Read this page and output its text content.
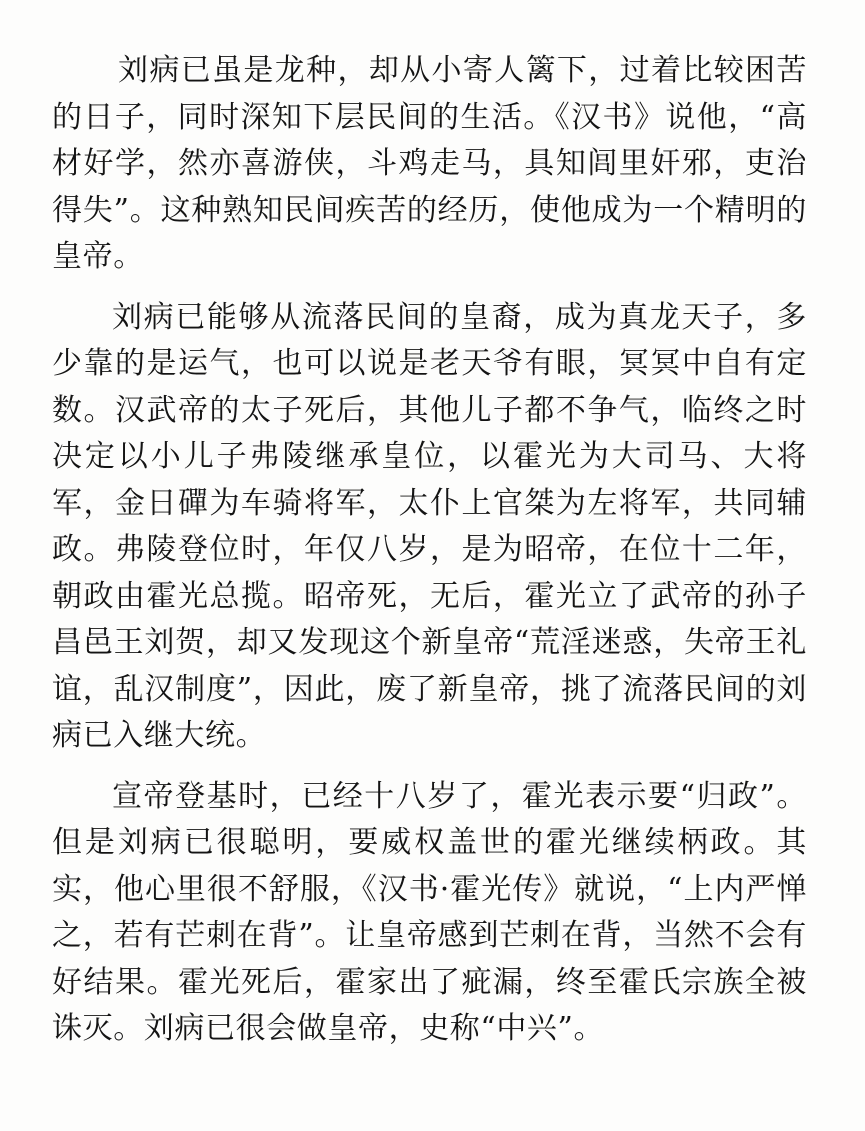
刘病已虽是龙种，却从小寄人篱下，过着比较困苦的日子，同时深知下层民间的生活。《汉书》说他，“高材好学，然亦喜游侠，斗鸡走马，具知闾里奸邪，吏治得失”。这种熟知民间疾苦的经历，使他成为一个精明的皇帝。

刘病已能够从流落民间的皇裔，成为真龙天子，多少靠的是运气，也可以说是老天爷有眼，冥冥中自有定数。汉武帝的太子死后，其他儿子都不争气，临终之时决定以小儿子弗陵继承皇位，以霍光为大司马、大将军，金日磾为车骑将军，太仆上官桀为左将军，共同辅政。弗陵登位时，年仅八岁，是为昭帝，在位十二年，朝政由霍光总揽。昭帝死，无后，霍光立了武帝的孙子昌邑王刘贺，却又发现这个新皇帝“荒淫迷惑，失帝王礼谊，乱汉制度”，因此，废了新皇帝，挑了流落民间的刘病已入继大统。

宣帝登基时，已经十八岁了，霍光表示要“归政”。但是刘病已很聪明，要威权盖世的霍光继续柄政。其实，他心里很不舒服，《汉书·霍光传》就说，“上内严惮之，若有芒刺在背”。让皇帝感到芒刺在背，当然不会有好结果。霍光死后，霍家出了疵漏，终至霍氏宗族全被诛灭。刘病已很会做皇帝，史称“中兴”。
